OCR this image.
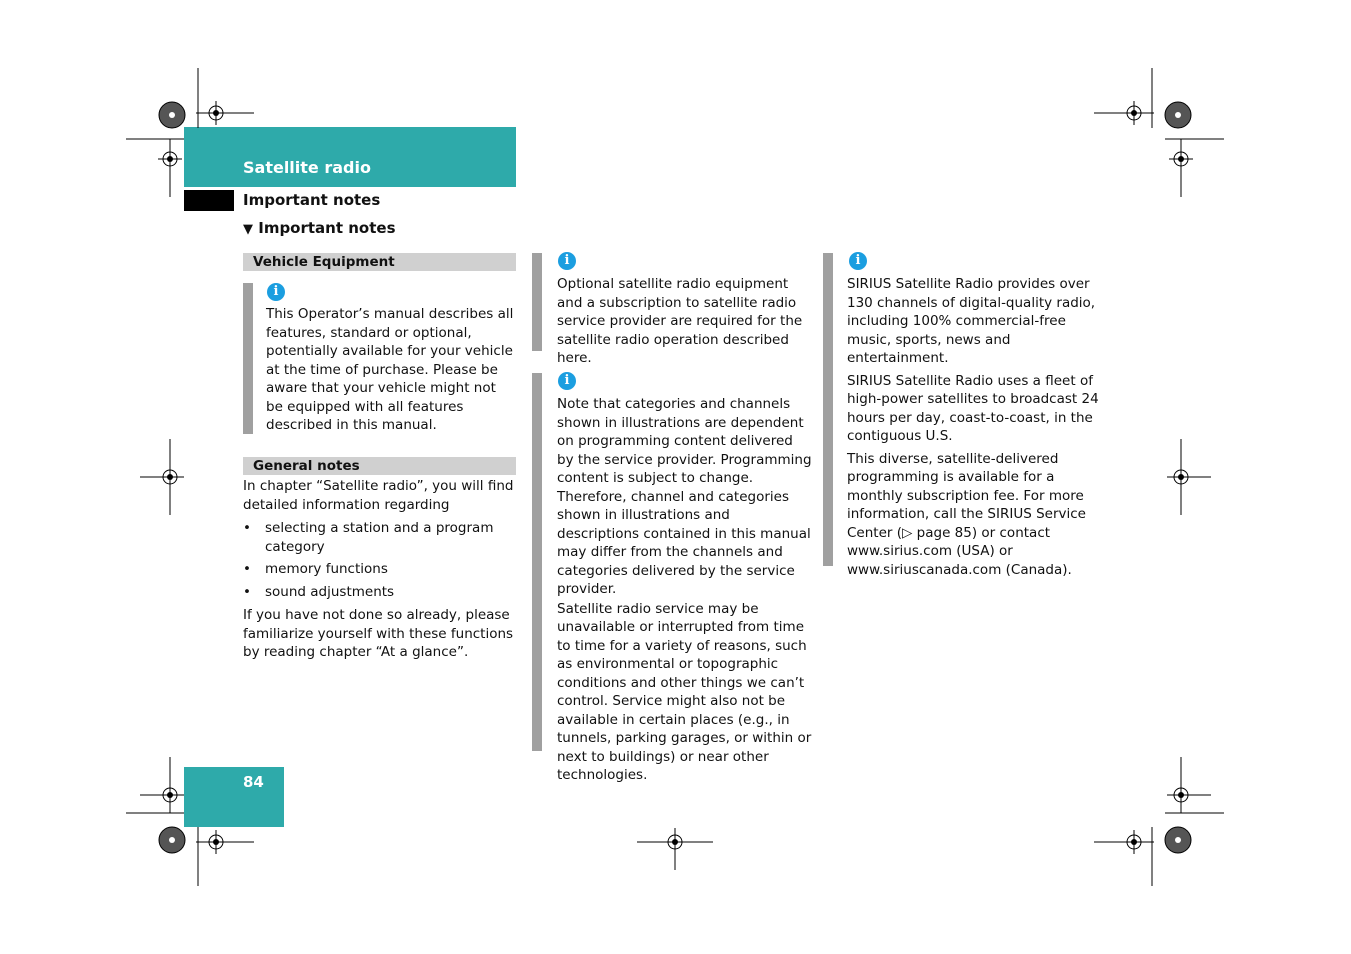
Satellite radio
Important notes
▼ Important notes
Vehicle Equipment
i

This Operator’s manual describes all features, standard or optional, potentially available for your vehicle at the time of purchase. Please be aware that your vehicle might not be equipped with all features described in this manual.

General notes

In chapter “Satellite radio”, you will find detailed information regarding

•	selecting a station and a program category
•	memory functions
•	sound adjustments

If you have not done so already, please familiarize yourself with these functions by reading chapter “At a glance”.

i

Optional satellite radio equipment and a subscription to satellite radio service provider are required for the satellite radio operation described here.

i

Note that categories and channels shown in illustrations are dependent on programming content delivered by the service provider. Programming content is subject to change. Therefore, channel and categories shown in illustrations and descriptions contained in this manual may differ from the channels and categories delivered by the service provider.

Satellite radio service may be unavailable or interrupted from time to time for a variety of reasons, such as environmental or topographic conditions and other things we can’t control. Service might also not be available in certain places (e.g., in tunnels, parking garages, or within or next to buildings) or near other technologies.

i

SIRIUS Satellite Radio provides over 130 channels of digital-quality radio, including 100% commercial-free music, sports, news and entertainment.

SIRIUS Satellite Radio uses a fleet of high-power satellites to broadcast 24 hours per day, coast-to-coast, in the contiguous U.S.

This diverse, satellite-delivered programming is available for a monthly subscription fee. For more information, call the SIRIUS Service Center (▷ page 85) or contact www.sirius.com (USA) or www.siriuscanada.com (Canada).

84
